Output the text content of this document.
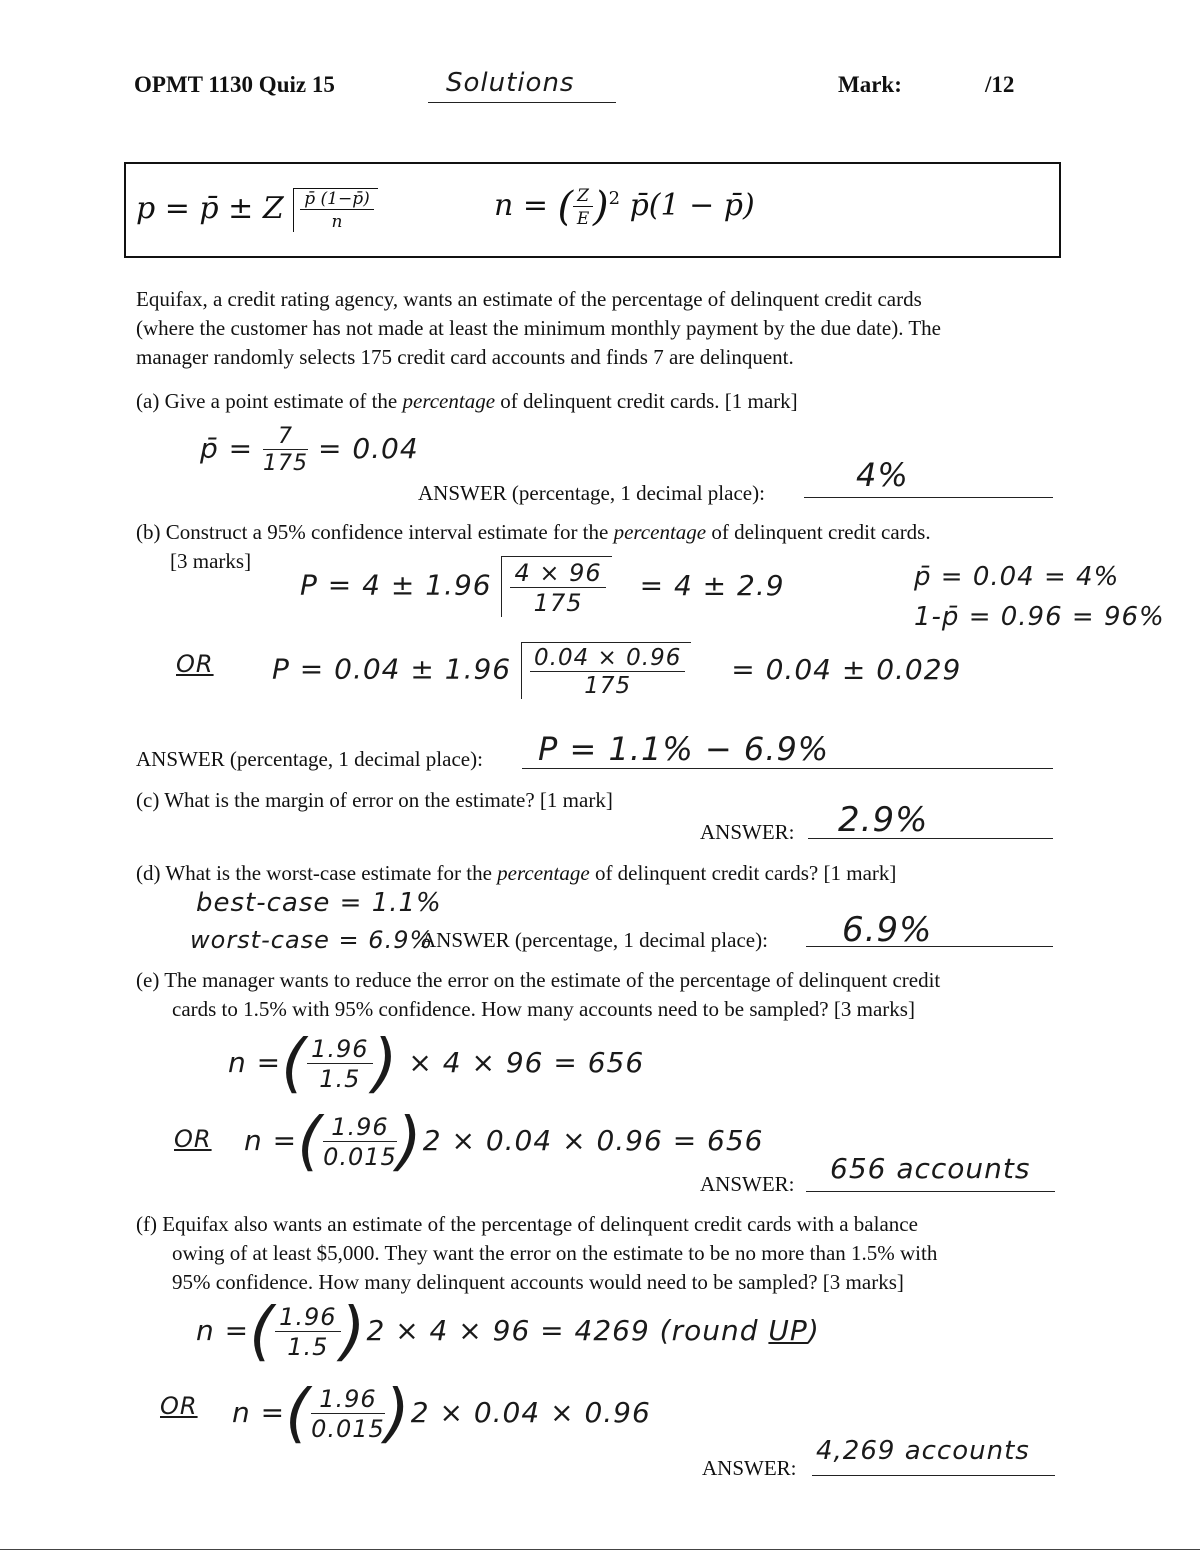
OPMT 1130 Quiz 15	Solutions	Mark:	/12
p = p̄ ± Z $\frac{p̄ (1-p̄)}{n}$	n = ( $\frac{Z}{E} )^2$ p̄(1 − p̄)
Equifax, a credit rating agency, wants an estimate of the percentage of delinquent credit cards
(where the customer has not made at least the minimum monthly payment by the due date). The
manager randomly selects 175 credit card accounts and finds 7 are delinquent.
(a) Give a point estimate of the percentage of delinquent credit cards. [1 mark]
p̄ = $\frac{7}{175} = 0.04$
ANSWER (percentage, 1 decimal place):	4%
(b) Construct a 95% confidence interval estimate for the percentage of delinquent credit cards.
[3 marks]
$P = 4 \pm 1.96 \frac{4 \times 96}{175} = 4 \pm 2.9$	p̄ = 0.04 = 4%
1-p̄ = 0.96 = 96%
OR $P = 0.04 \pm 1.96 \frac{0.04 \times 0.96}{175} = 0.04 \pm 0.029$
ANSWER (percentage, 1 decimal place): P = 1.1% − 6.9%
(c) What is the margin of error on the estimate? [1 mark]
ANSWER: 2.9%
(d) What is the worst-case estimate for the percentage of delinquent credit cards? [1 mark]
best-case = 1.1%
worst-case = 6.9%
ANSWER (percentage, 1 decimal place): 6.9%
(e) The manager wants to reduce the error on the estimate of the percentage of delinquent credit
cards to 1.5% with 95% confidence. How many accounts need to be sampled? [3 marks]
n =( $\frac{1.96}{1.5}$ ) × 4 × 96 = 656
OR n =( $\frac{1.96}{0.015} )2 \times 0.04 \times 0.96 = 656$
ANSWER: 656 accounts
(f) Equifax also wants an estimate of the percentage of delinquent credit cards with a balance
owing of at least $5,000. They want the error on the estimate to be no more than 1.5% with
95% confidence. How many delinquent accounts would need to be sampled? [3 marks]
n =( $\frac{1.96}{1.5} )2 \times 4 \times 96 = 4269$ (round UP)
OR n =( $\frac{1.96}{0.015} )2 \times 0.04 \times 0.96$
ANSWER:
4,269 accounts
